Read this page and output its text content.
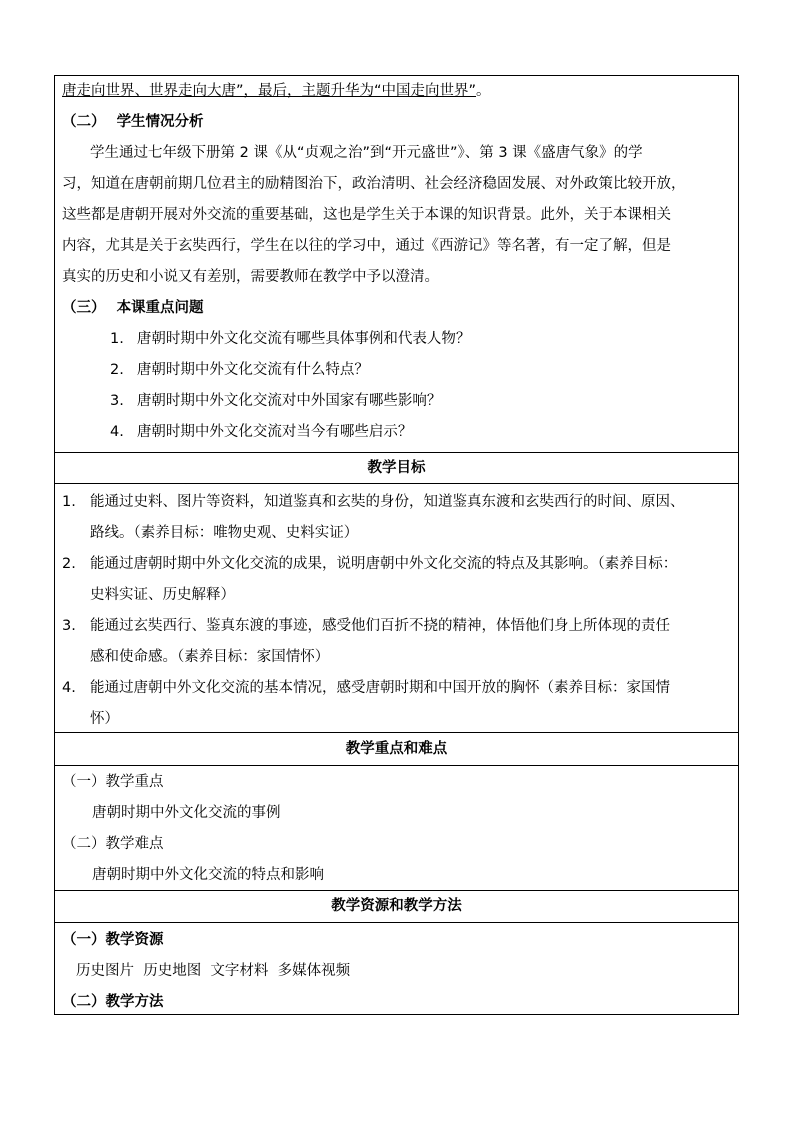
唐走向世界、世界走向大唐”，最后，主题升华为“中国走向世界”。
（二） 学生情况分析
学生通过七年级下册第 2 课《从“贞观之治”到“开元盛世”》、第 3 课《盛唐气象》的学
习，知道在唐朝前期几位君主的励精图治下，政治清明、社会经济稳固发展、对外政策比较开放，
这些都是唐朝开展对外交流的重要基础，这也是学生关于本课的知识背景。此外，关于本课相关
内容，尤其是关于玄奘西行，学生在以往的学习中，通过《西游记》等名著，有一定了解，但是
真实的历史和小说又有差别，需要教师在教学中予以澄清。
（三） 本课重点问题
1. 唐朝时期中外文化交流有哪些具体事例和代表人物？
2. 唐朝时期中外文化交流有什么特点？
3. 唐朝时期中外文化交流对中外国家有哪些影响？
4. 唐朝时期中外文化交流对当今有哪些启示？
教学目标
1. 能通过史料、图片等资料，知道鉴真和玄奘的身份，知道鉴真东渡和玄奘西行的时间、原因、
路线。（素养目标：唯物史观、史料实证）
2. 能通过唐朝时期中外文化交流的成果，说明唐朝中外文化交流的特点及其影响。（素养目标：
史料实证、历史解释）
3. 能通过玄奘西行、鉴真东渡的事迹，感受他们百折不挠的精神，体悟他们身上所体现的责任
感和使命感。（素养目标：家国情怀）
4. 能通过唐朝中外文化交流的基本情况，感受唐朝时期和中国开放的胸怀（素养目标：家国情
怀）
教学重点和难点
（一）教学重点
唐朝时期中外文化交流的事例
（二）教学难点
唐朝时期中外文化交流的特点和影响
教学资源和教学方法
（一）教学资源
历史图片  历史地图  文字材料  多媒体视频
（二）教学方法
